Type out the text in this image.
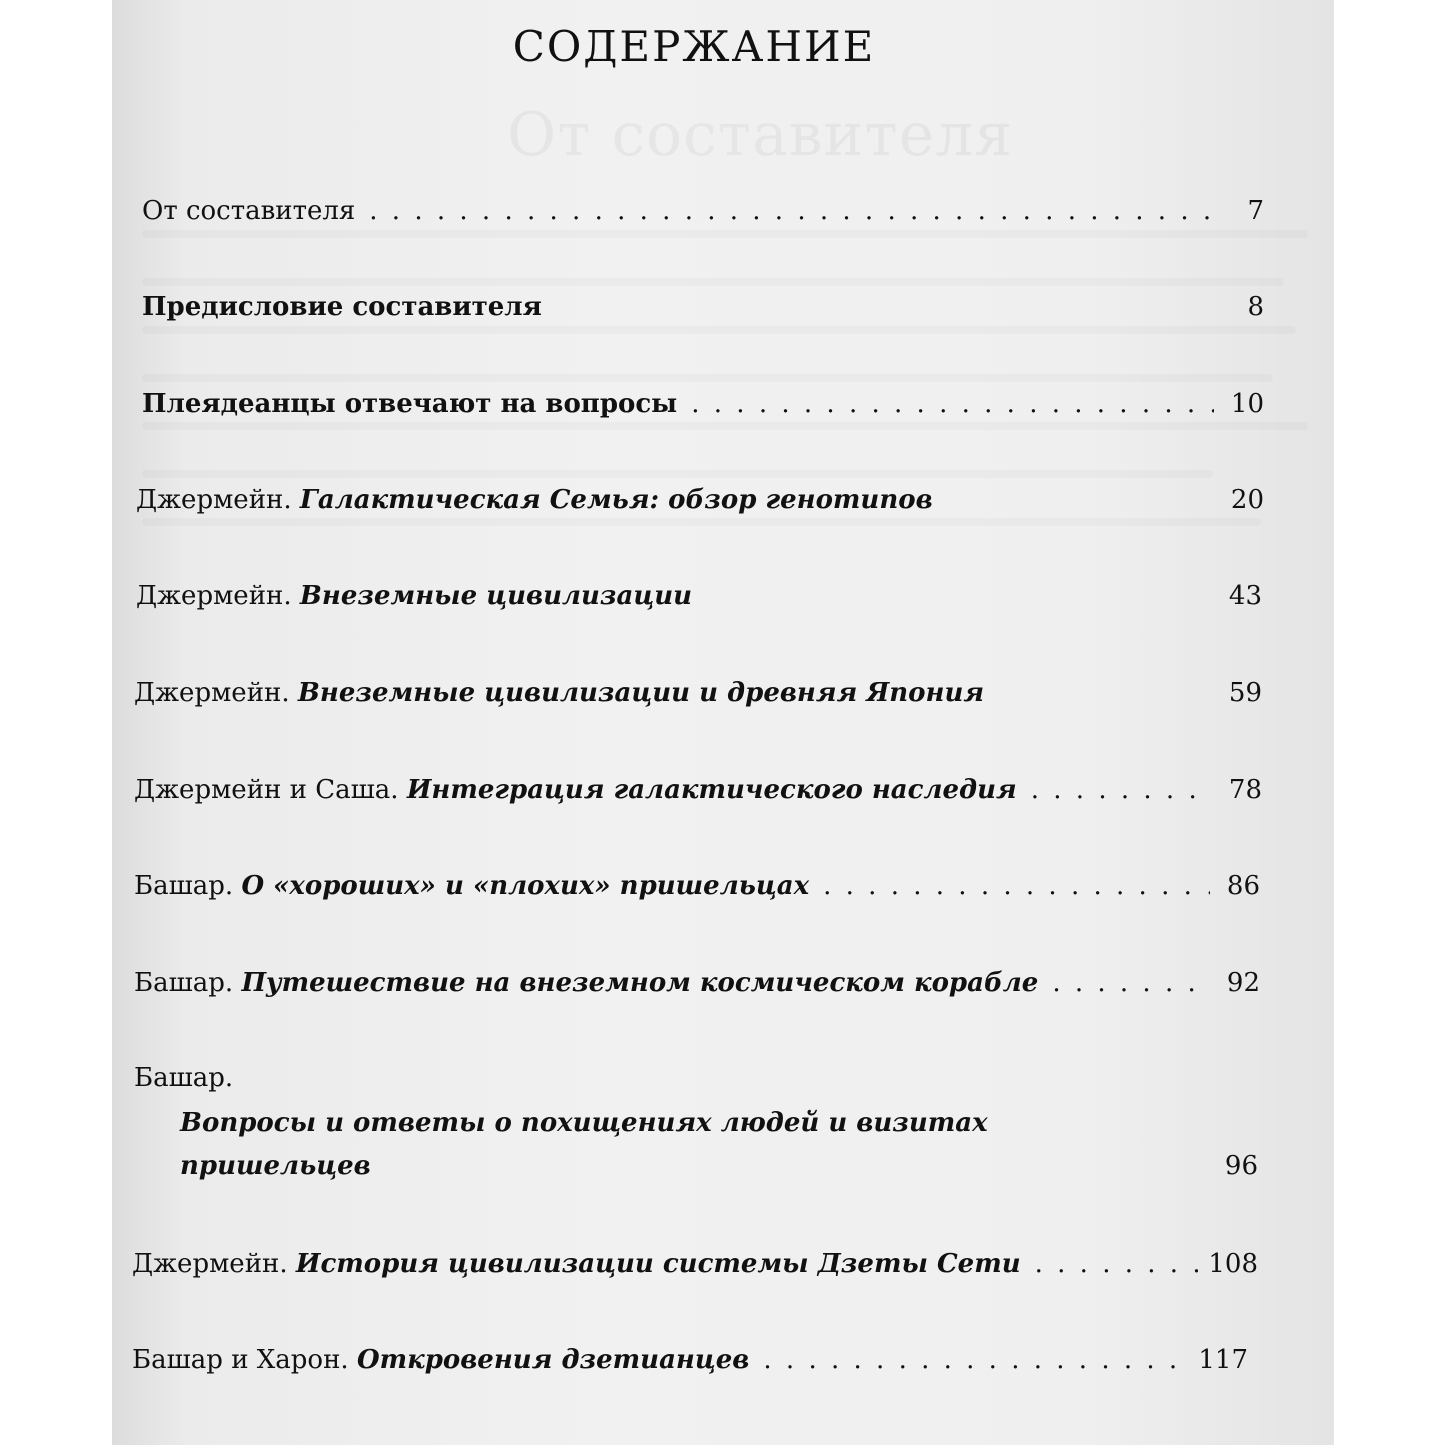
СОДЕРЖАНИЕ
От составителя . . .	7
Предисловие составителя	8
Плеядеанцы отвечают на вопросы . . .	10
Джермейн. Галактическая Семья: обзор генотипов	20
Джермейн. Внеземные цивилизации	43
Джермейн. Внеземные цивилизации и древняя Япония	59
Джермейн и Саша. Интеграция галактического наследия . . .	78
Башар. О «хороших» и «плохих» пришельцах . . .	86
Башар. Путешествие на внеземном космическом корабле . . .	92
Башар.
Вопросы и ответы о похищениях людей и визитах
пришельцев	96
Джермейн. История цивилизации системы Дзеты Сети . . .	108
Башар и Харон. Откровения дзетианцев . . .	117
